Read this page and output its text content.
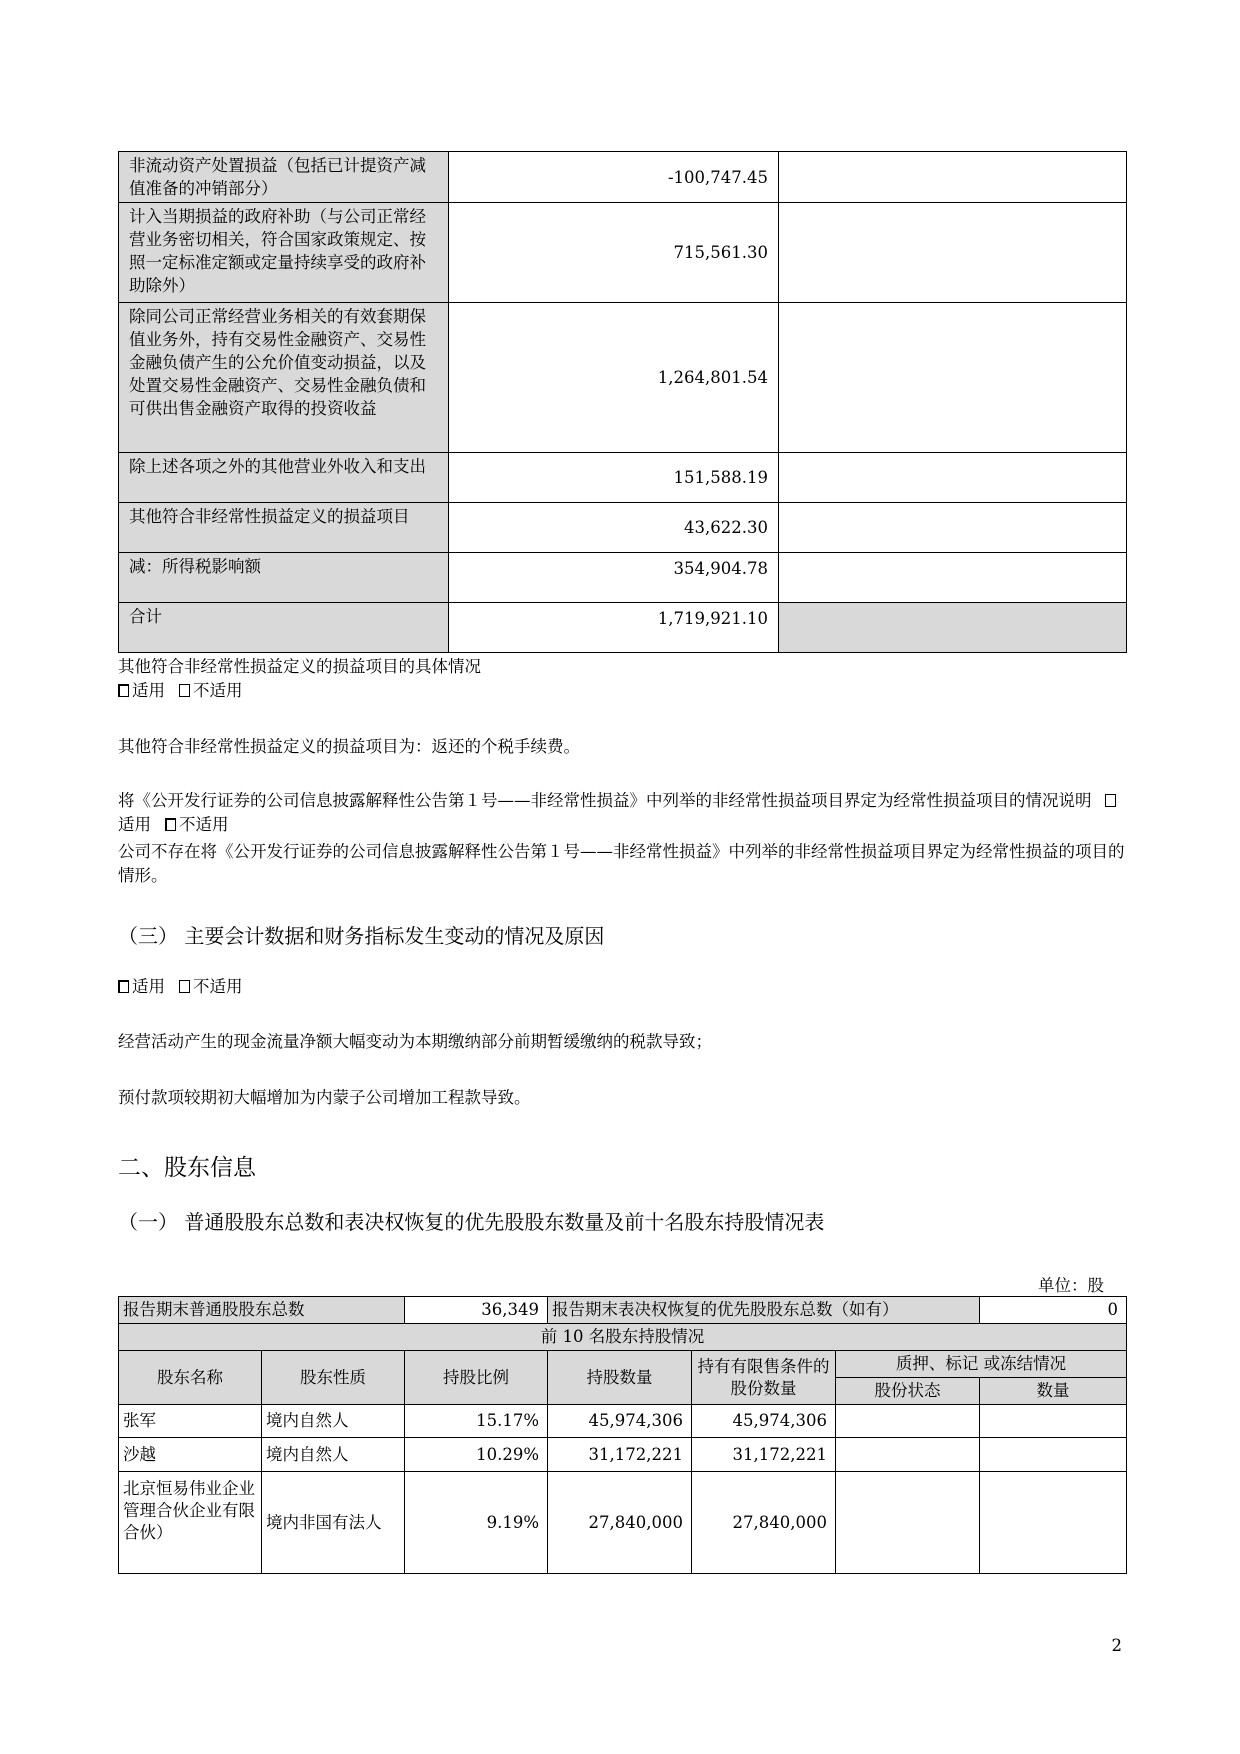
非流动资产处置损益（包括已计提资产减值准备的冲销部分）	-100,747.45	
计入当期损益的政府补助（与公司正常经营业务密切相关，符合国家政策规定、按照一定标准定额或定量持续享受的政府补助除外）	715,561.30	
除同公司正常经营业务相关的有效套期保值业务外，持有交易性金融资产、交易性金融负债产生的公允价值变动损益，以及处置交易性金融资产、交易性金融负债和可供出售金融资产取得的投资收益	1,264,801.54	
除上述各项之外的其他营业外收入和支出	151,588.19	
其他符合非经常性损益定义的损益项目	43,622.30	
减：所得税影响额	354,904.78	
合计	1,719,921.10	
其他符合非经常性损益定义的损益项目的具体情况
适用 不适用
其他符合非经常性损益定义的损益项目为：返还的个税手续费。
将《公开发行证券的公司信息披露解释性公告第１号——非经常性损益》中列举的非经常性损益项目界定为经常性损益项目的情况说明 适用 不适用
公司不存在将《公开发行证券的公司信息披露解释性公告第１号——非经常性损益》中列举的非经常性损益项目界定为经常性损益的项目的情形。
（三） 主要会计数据和财务指标发生变动的情况及原因
适用 不适用
经营活动产生的现金流量净额大幅变动为本期缴纳部分前期暂缓缴纳的税款导致；
预付款项较期初大幅增加为内蒙子公司增加工程款导致。
二、股东信息
（一） 普通股股东总数和表决权恢复的优先股股东数量及前十名股东持股情况表
单位：股
报告期末普通股股东总数		36,349	报告期末表决权恢复的优先股股东总数（如有）			0
前 10 名股东持股情况						
股东名称	股东性质	持股比例	持股数量	持有有限售条件的股份数量	质押、标记 或冻结情况	
					股份状态	数量
张军	境内自然人	15.17%	45,974,306	45,974,306		
沙越	境内自然人	10.29%	31,172,221	31,172,221		
北京恒易伟业企业管理合伙企业有限合伙）	境内非国有法人	9.19%	27,840,000	27,840,000		
2
